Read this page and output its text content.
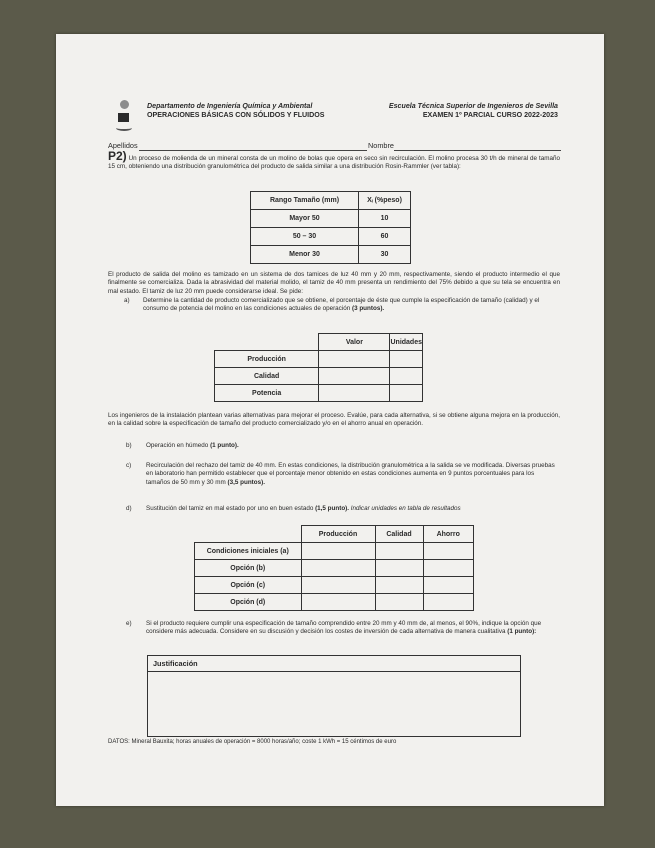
Departamento de Ingeniería Química y Ambiental
OPERACIONES BÁSICAS CON SÓLIDOS Y FLUIDOS
Escuela Técnica Superior de Ingenieros de Sevilla
EXAMEN 1º PARCIAL CURSO 2022-2023
Apellidos	Nombre
P2) Un proceso de molienda de un mineral consta de un molino de bolas que opera en seco sin recirculación. El molino procesa 30 t/h de mineral de tamaño 15 cm, obteniendo una distribución granulométrica del producto de salida similar a una distribución Rosin-Rammler (ver tabla):
Rango Tamaño (mm)	Xᵢ (%peso)
Mayor 50	10
50 – 30	60
Menor 30	30
El producto de salida del molino es tamizado en un sistema de dos tamices de luz 40 mm y 20 mm, respectivamente, siendo el producto intermedio el que finalmente se comercializa. Dada la abrasividad del material molido, el tamiz de 40 mm presenta un rendimiento del 75% debido a que su tela se encuentra en mal estado. El tamiz de luz 20 mm puede considerarse ideal. Se pide:
a)	Determine la cantidad de producto comercializado que se obtiene, el porcentaje de éste que cumple la especificación de tamaño (calidad) y el consumo de potencia del molino en las condiciones actuales de operación (3 puntos).
	Valor	Unidades
Producción		
Calidad		
Potencia		
Los ingenieros de la instalación plantean varias alternativas para mejorar el proceso. Evalúe, para cada alternativa, si se obtiene alguna mejora en la producción, en la calidad sobre la especificación de tamaño del producto comercializado y/o en el ahorro anual en operación.
b)	Operación en húmedo (1 punto).
c)	Recirculación del rechazo del tamiz de 40 mm. En estas condiciones, la distribución granulométrica a la salida se ve modificada. Diversas pruebas en laboratorio han permitido establecer que el porcentaje menor obtenido en estas condiciones aumenta en 9 puntos porcentuales para los tamaños de 50 mm y 30 mm (3,5 puntos).
d)	Sustitución del tamiz en mal estado por uno en buen estado (1,5 punto). Indicar unidades en tabla de resultados
	Producción	Calidad	Ahorro
Condiciones iniciales (a)			
Opción (b)			
Opción (c)			
Opción (d)			
e)	Si el producto requiere cumplir una especificación de tamaño comprendido entre 20 mm y 40 mm de, al menos, el 90%, indique la opción que considere más adecuada. Considere en su discusión y decisión los costes de inversión de cada alternativa de manera cualitativa (1 punto):
Justificación
DATOS: Mineral Bauxita; horas anuales de operación = 8000 horas/año; coste 1 kWh = 15 céntimos de euro
